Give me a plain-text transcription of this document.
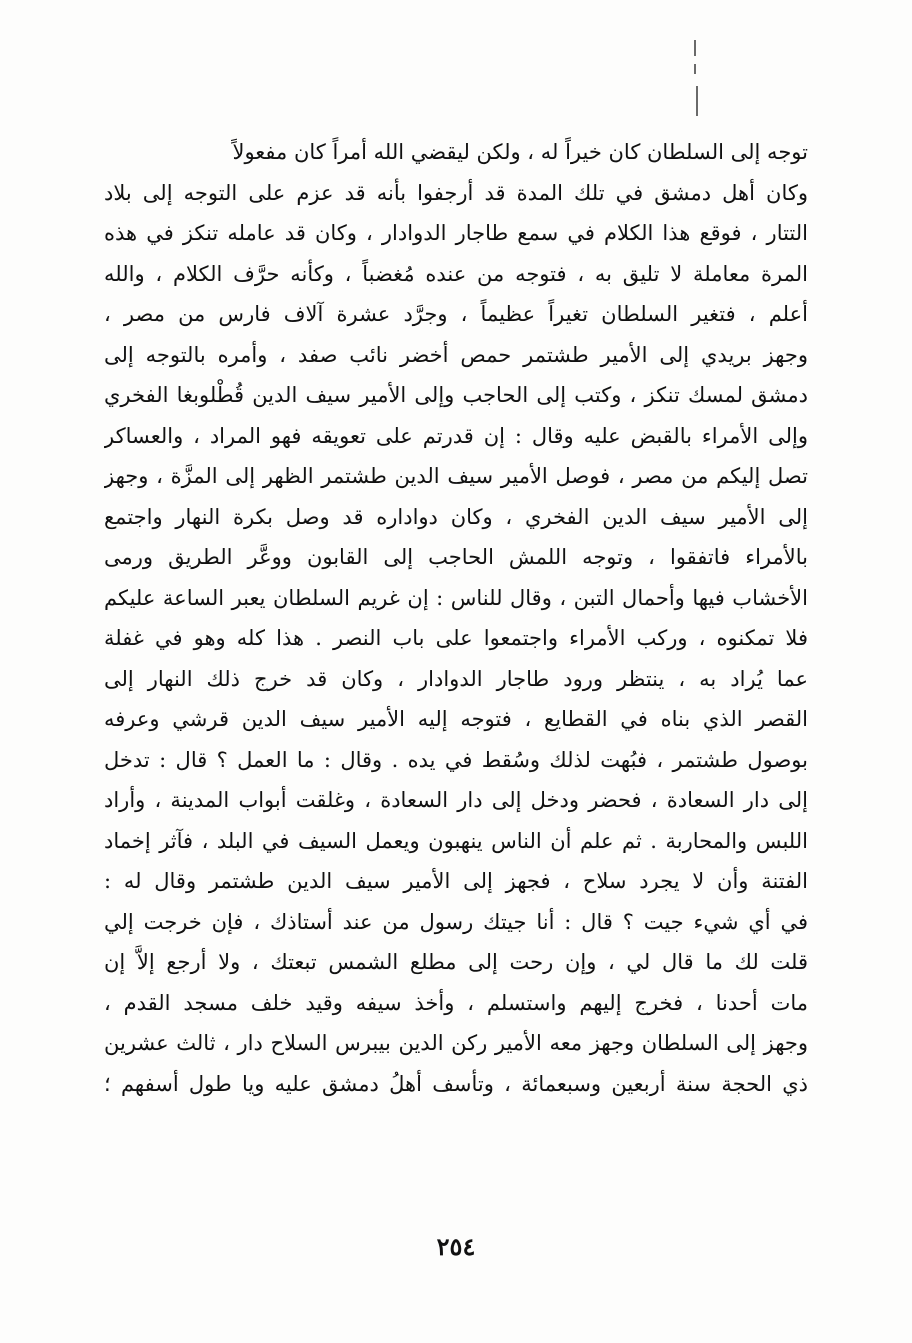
توجه إلى السلطان كان خيراً له ، ولكن ليقضي الله أمراً كان مفعولاً
وكان أهل دمشق في تلك المدة قد أرجفوا بأنه قد عزم على التوجه إلى بلاد
التتار ، فوقع هذا الكلام في سمع طاجار الدوادار ، وكان قد عامله تنكز في هذه
المرة معاملة لا تليق به ، فتوجه من عنده مُغضباً ، وكأنه حرَّف الكلام ، والله
أعلم ، فتغير السلطان تغيراً عظيماً ، وجرَّد عشرة آلاف فارس من مصر ،
وجهز بريدي إلى الأمير طشتمر حمص أخضر نائب صفد ، وأمره بالتوجه إلى
دمشق لمسك تنكز ، وكتب إلى الحاجب وإلى الأمير سيف الدين قُطْلوبغا الفخري
وإلى الأمراء بالقبض عليه وقال : إن قدرتم على تعويقه فهو المراد ، والعساكر
تصل إليكم من مصر ، فوصل الأمير سيف الدين طشتمر الظهر إلى المزَّة ، وجهز
إلى الأمير سيف الدين الفخري ، وكان دواداره قد وصل بكرة النهار واجتمع
بالأمراء فاتفقوا ، وتوجه اللمش الحاجب إلى القابون ووعَّر الطريق ورمى
الأخشاب فيها وأحمال التبن ، وقال للناس : إن غريم السلطان يعبر الساعة عليكم
فلا تمكنوه ، وركب الأمراء واجتمعوا على باب النصر . هذا كله وهو في غفلة
عما يُراد به ، ينتظر ورود طاجار الدوادار ، وكان قد خرج ذلك النهار إلى
القصر الذي بناه في القطايع ، فتوجه إليه الأمير سيف الدين قرشي وعرفه
بوصول طشتمر ، فبُهت لذلك وسُقط في يده . وقال : ما العمل ؟ قال : تدخل
إلى دار السعادة ، فحضر ودخل إلى دار السعادة ، وغلقت أبواب المدينة ، وأراد
اللبس والمحاربة . ثم علم أن الناس ينهبون ويعمل السيف في البلد ، فآثر إخماد
الفتنة وأن لا يجرد سلاح ، فجهز إلى الأمير سيف الدين طشتمر وقال له :
في أي شيء جيت ؟ قال : أنا جيتك رسول من عند أستاذك ، فإن خرجت إلي
قلت لك ما قال لي ، وإن رحت إلى مطلع الشمس تبعتك ، ولا أرجع إلاَّ إن
مات أحدنا ، فخرج إليهم واستسلم ، وأخذ سيفه وقيد خلف مسجد القدم ،
وجهز إلى السلطان وجهز معه الأمير ركن الدين بيبرس السلاح دار ، ثالث عشرين
ذي الحجة سنة أربعين وسبعمائة ، وتأسف أهلُ دمشق عليه ويا طول أسفهم ؛
٢٥٤
